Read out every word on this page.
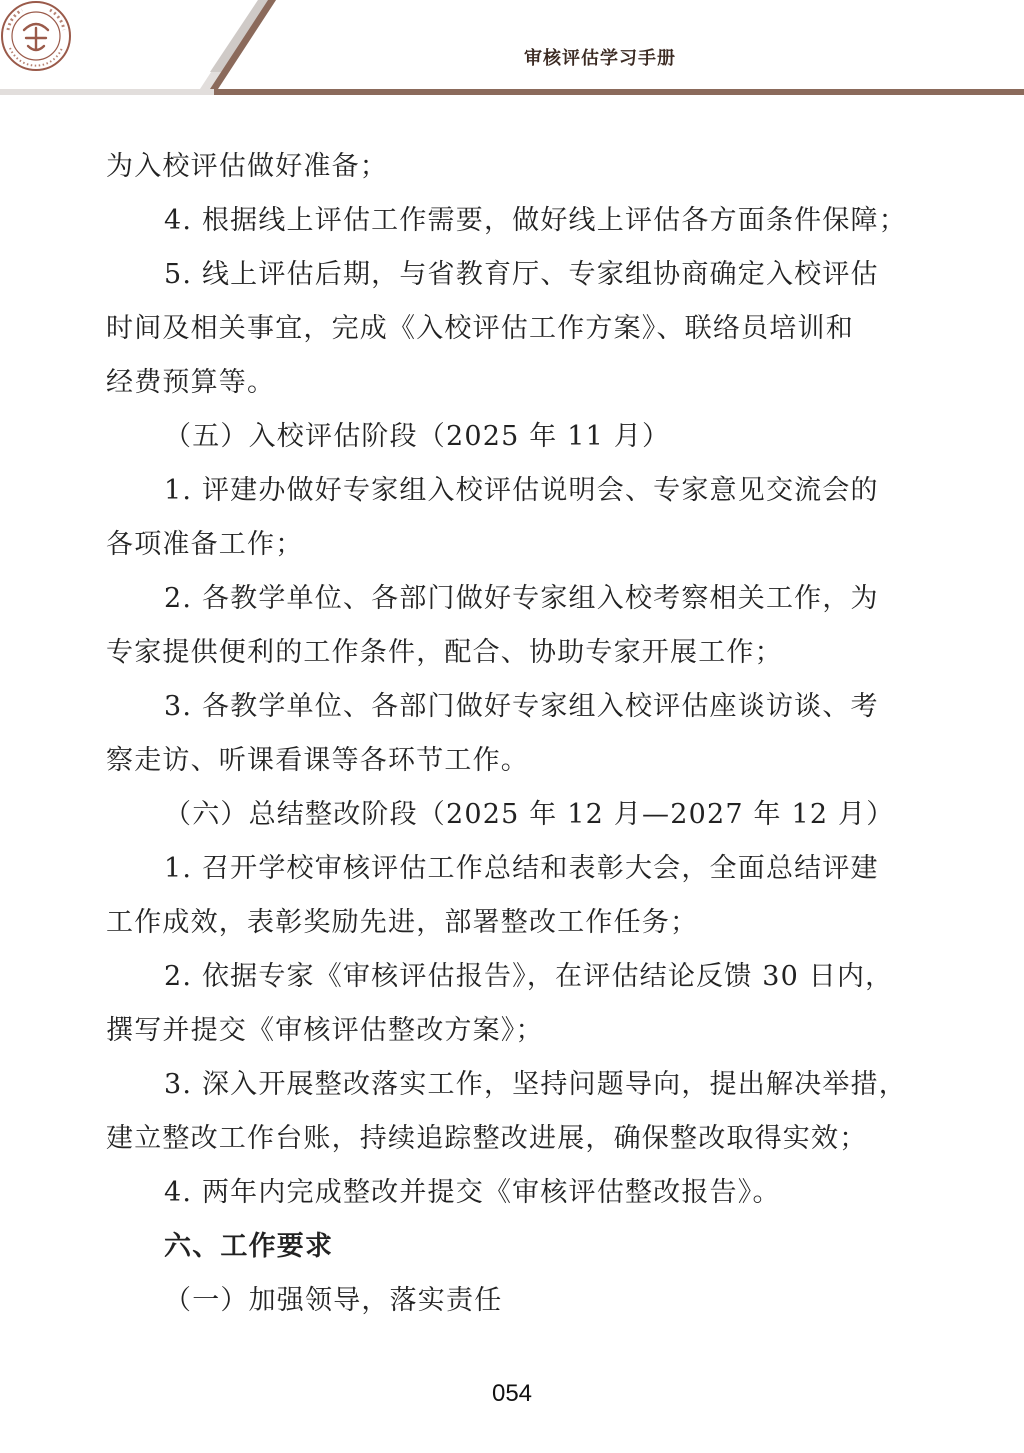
审核评估学习手册
为入校评估做好准备；
4. 根据线上评估工作需要，做好线上评估各方面条件保障；
5. 线上评估后期，与省教育厅、专家组协商确定入校评估
时间及相关事宜，完成《入校评估工作方案》、联络员培训和
经费预算等。
（五）入校评估阶段（2025 年 11 月）
1. 评建办做好专家组入校评估说明会、专家意见交流会的
各项准备工作；
2. 各教学单位、各部门做好专家组入校考察相关工作，为
专家提供便利的工作条件，配合、协助专家开展工作；
3. 各教学单位、各部门做好专家组入校评估座谈访谈、考
察走访、听课看课等各环节工作。
（六）总结整改阶段（2025 年 12 月—2027 年 12 月）
1. 召开学校审核评估工作总结和表彰大会，全面总结评建
工作成效，表彰奖励先进，部署整改工作任务；
2. 依据专家《审核评估报告》，在评估结论反馈 30 日内，
撰写并提交《审核评估整改方案》；
3. 深入开展整改落实工作，坚持问题导向，提出解决举措，
建立整改工作台账，持续追踪整改进展，确保整改取得实效；
4. 两年内完成整改并提交《审核评估整改报告》。
六、工作要求
（一）加强领导，落实责任
054
